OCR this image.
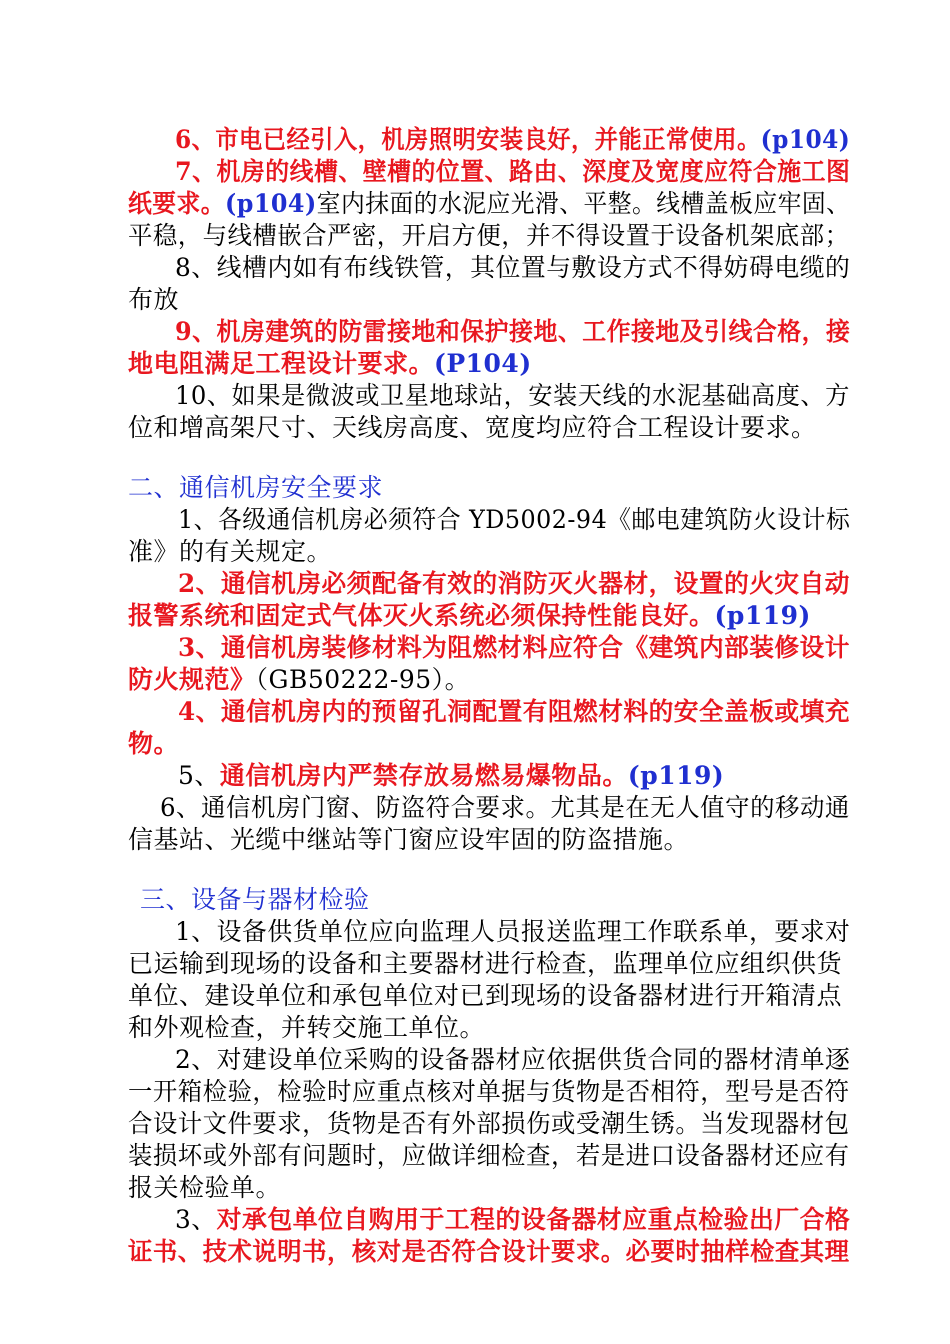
6、市电已经引入，机房照明安装良好，并能正常使用。(p104)
7、机房的线槽、壁槽的位置、路由、深度及宽度应符合施工图
纸要求。(p104)室内抹面的水泥应光滑、平整。线槽盖板应牢固、
平稳，与线槽嵌合严密，开启方便，并不得设置于设备机架底部；
8、线槽内如有布线铁管，其位置与敷设方式不得妨碍电缆的
布放
9、机房建筑的防雷接地和保护接地、工作接地及引线合格，接
地电阻满足工程设计要求。(P104)
10、如果是微波或卫星地球站，安装天线的水泥基础高度、方
位和增高架尺寸、天线房高度、宽度均应符合工程设计要求。
二、通信机房安全要求
1、各级通信机房必须符合 YD5002-94《邮电建筑防火设计标
准》的有关规定。
2、通信机房必须配备有效的消防灭火器材，设置的火灾自动
报警系统和固定式气体灭火系统必须保持性能良好。(p119)
3、通信机房装修材料为阻燃材料应符合《建筑内部装修设计
防火规范》（GB50222-95）。
4、通信机房内的预留孔洞配置有阻燃材料的安全盖板或填充
物。
5、通信机房内严禁存放易燃易爆物品。(p119)
6、通信机房门窗、防盗符合要求。尤其是在无人值守的移动通
信基站、光缆中继站等门窗应设牢固的防盗措施。
三、设备与器材检验
1、设备供货单位应向监理人员报送监理工作联系单，要求对
已运输到现场的设备和主要器材进行检查，监理单位应组织供货
单位、建设单位和承包单位对已到现场的设备器材进行开箱清点
和外观检查，并转交施工单位。
2、对建设单位采购的设备器材应依据供货合同的器材清单逐
一开箱检验，检验时应重点核对单据与货物是否相符，型号是否符
合设计文件要求，货物是否有外部损伤或受潮生锈。当发现器材包
装损坏或外部有问题时，应做详细检查，若是进口设备器材还应有
报关检验单。
3、对承包单位自购用于工程的设备器材应重点检验出厂合格
证书、技术说明书，核对是否符合设计要求。必要时抽样检查其理
